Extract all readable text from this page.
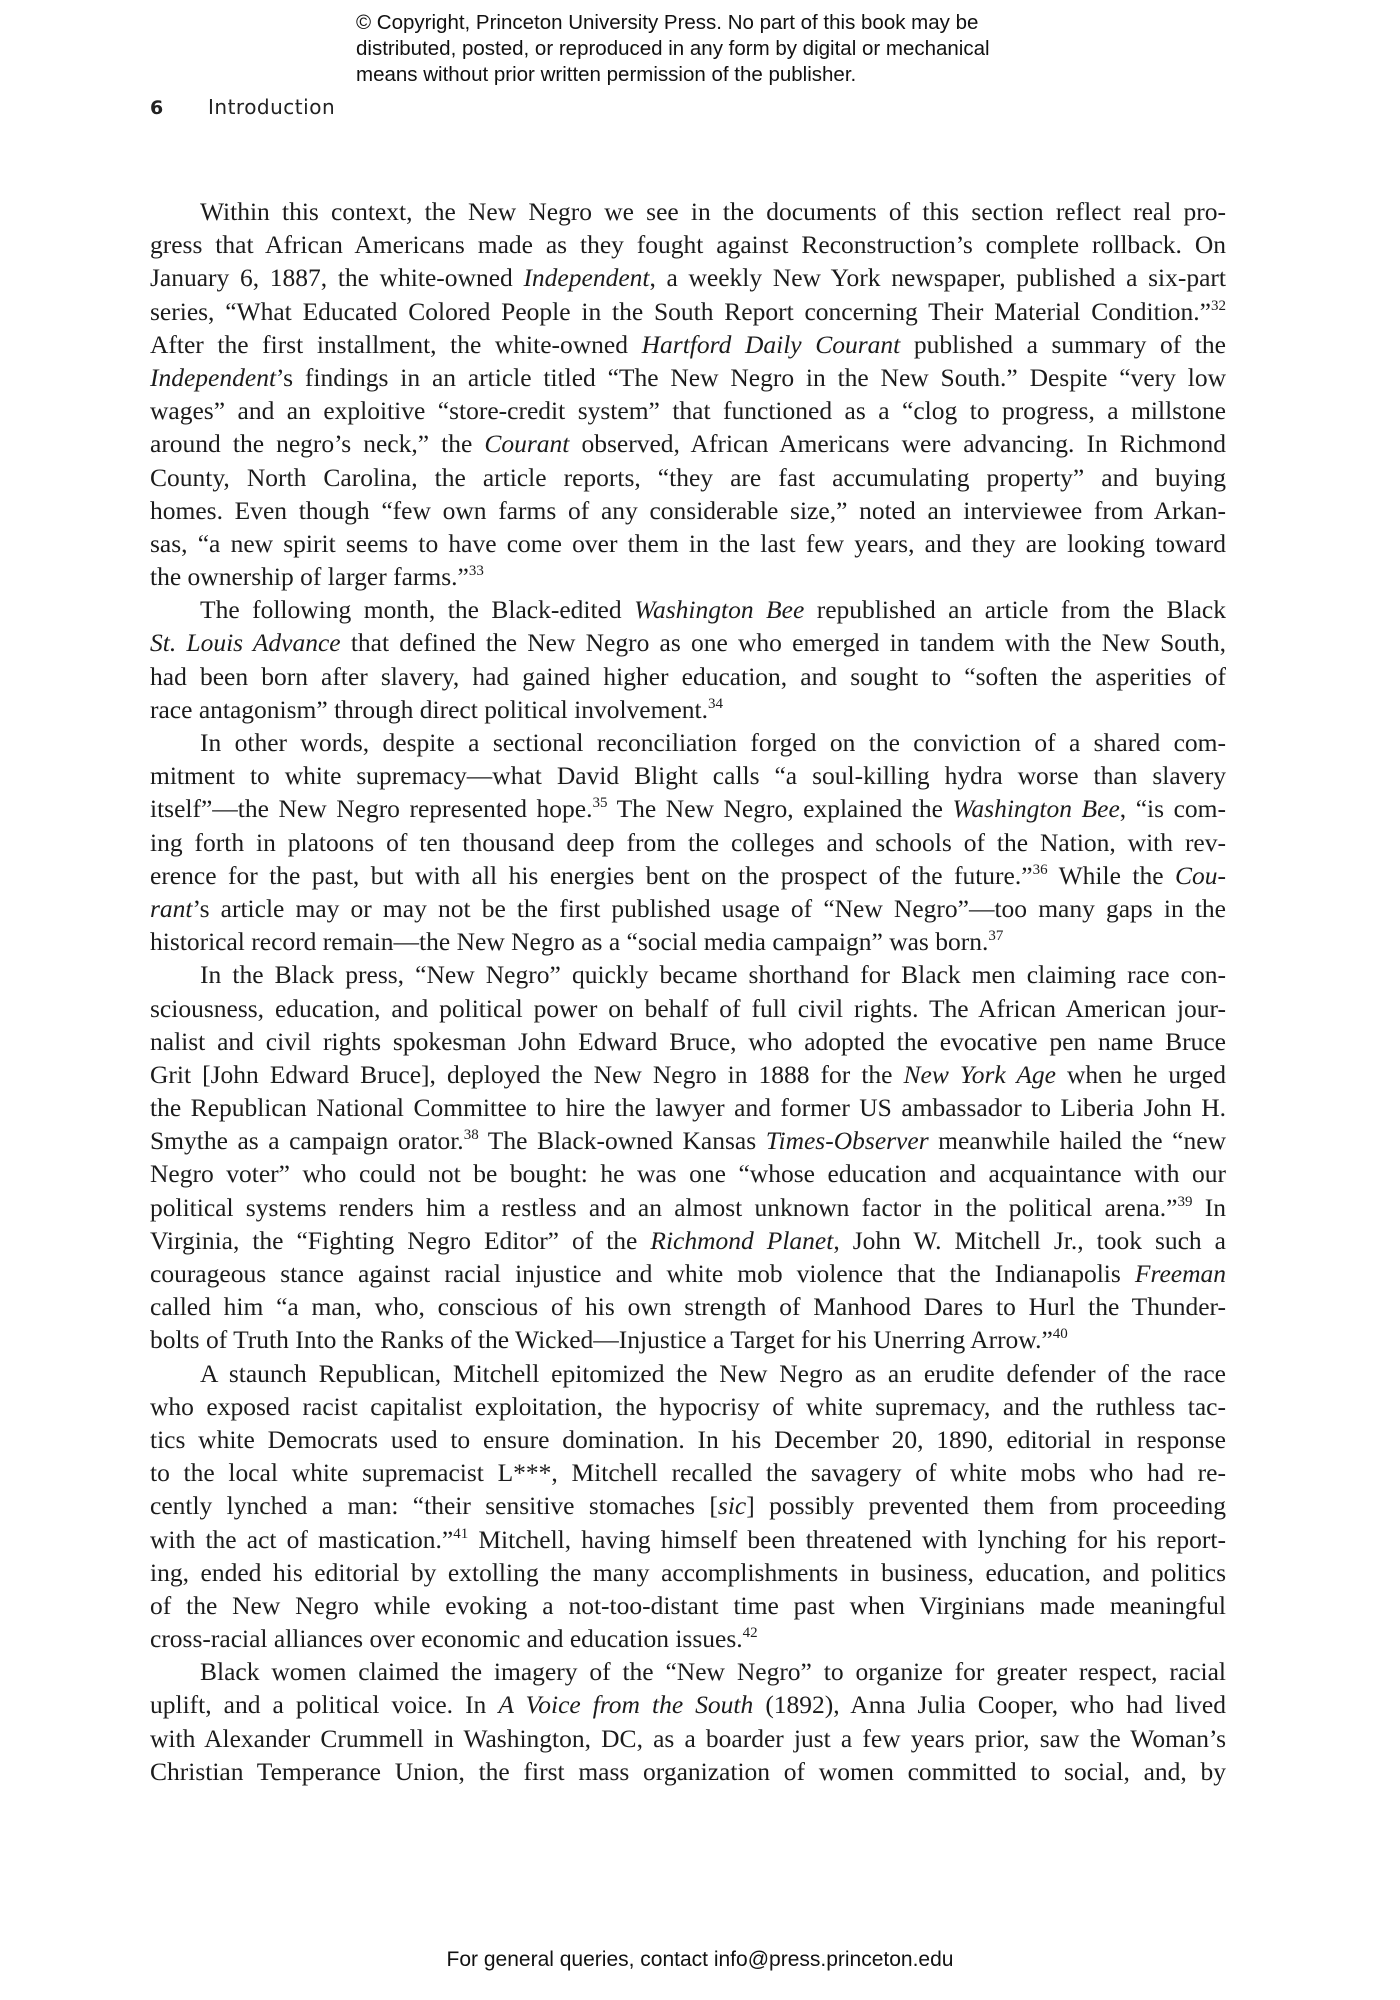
© Copyright, Princeton University Press. No part of this book may be
distributed, posted, or reproduced in any form by digital or mechanical
means without prior written permission of the publisher.
6 Introduction
Within this context, the New Negro we see in the documents of this section reflect real pro-
gress that African Americans made as they fought against Reconstruction’s complete rollback. On
January 6, 1887, the white-owned Independent, a weekly New York newspaper, published a six-part
series, “What Educated Colored People in the South Report concerning Their Material Condition.”$^{32}$
After the first installment, the white-owned Hartford Daily Courant published a summary of the
Independent’s findings in an article titled “The New Negro in the New South.” Despite “very low
wages” and an exploitive “store-credit system” that functioned as a “clog to progress, a millstone
around the negro’s neck,” the Courant observed, African Americans were advancing. In Richmond
County, North Carolina, the article reports, “they are fast accumulating property” and buying
homes. Even though “few own farms of any considerable size,” noted an interviewee from Arkan-
sas, “a new spirit seems to have come over them in the last few years, and they are looking toward
the ownership of larger farms.”$^{33}$
The following month, the Black-edited Washington Bee republished an article from the Black
St. Louis Advance that defined the New Negro as one who emerged in tandem with the New South,
had been born after slavery, had gained higher education, and sought to “soften the asperities of
race antagonism” through direct political involvement.$^{34}$
In other words, despite a sectional reconciliation forged on the conviction of a shared com-
mitment to white supremacy—what David Blight calls “a soul-killing hydra worse than slavery
itself”—the New Negro represented hope.$^{35}$ The New Negro, explained the Washington Bee, “is com-
ing forth in platoons of ten thousand deep from the colleges and schools of the Nation, with rev-
erence for the past, but with all his energies bent on the prospect of the future.”$^{36}$ While the Cou-
rant’s article may or may not be the first published usage of “New Negro”—too many gaps in the
historical record remain—the New Negro as a “social media campaign” was born.$^{37}$
In the Black press, “New Negro” quickly became shorthand for Black men claiming race con-
sciousness, education, and political power on behalf of full civil rights. The African American jour-
nalist and civil rights spokesman John Edward Bruce, who adopted the evocative pen name Bruce
Grit [John Edward Bruce], deployed the New Negro in 1888 for the New York Age when he urged
the Republican National Committee to hire the lawyer and former US ambassador to Liberia John H.
Smythe as a campaign orator.$^{38}$ The Black-owned Kansas Times-Observer meanwhile hailed the “new
Negro voter” who could not be bought: he was one “whose education and acquaintance with our
political systems renders him a restless and an almost unknown factor in the political arena.”$^{39}$ In
Virginia, the “Fighting Negro Editor” of the Richmond Planet, John W. Mitchell Jr., took such a
courageous stance against racial injustice and white mob violence that the Indianapolis Freeman
called him “a man, who, conscious of his own strength of Manhood Dares to Hurl the Thunder-
bolts of Truth Into the Ranks of the Wicked—Injustice a Target for his Unerring Arrow.”$^{40}$
A staunch Republican, Mitchell epitomized the New Negro as an erudite defender of the race
who exposed racist capitalist exploitation, the hypocrisy of white supremacy, and the ruthless tac-
tics white Democrats used to ensure domination. In his December 20, 1890, editorial in response
to the local white supremacist L***, Mitchell recalled the savagery of white mobs who had re-
cently lynched a man: “their sensitive stomaches [sic] possibly prevented them from proceeding
with the act of mastication.”$^{41}$ Mitchell, having himself been threatened with lynching for his report-
ing, ended his editorial by extolling the many accomplishments in business, education, and politics
of the New Negro while evoking a not-too-distant time past when Virginians made meaningful
cross-racial alliances over economic and education issues.$^{42}$
Black women claimed the imagery of the “New Negro” to organize for greater respect, racial
uplift, and a political voice. In A Voice from the South (1892), Anna Julia Cooper, who had lived
with Alexander Crummell in Washington, DC, as a boarder just a few years prior, saw the Woman’s
Christian Temperance Union, the first mass organization of women committed to social, and, by
For general queries, contact info@press.princeton.edu
